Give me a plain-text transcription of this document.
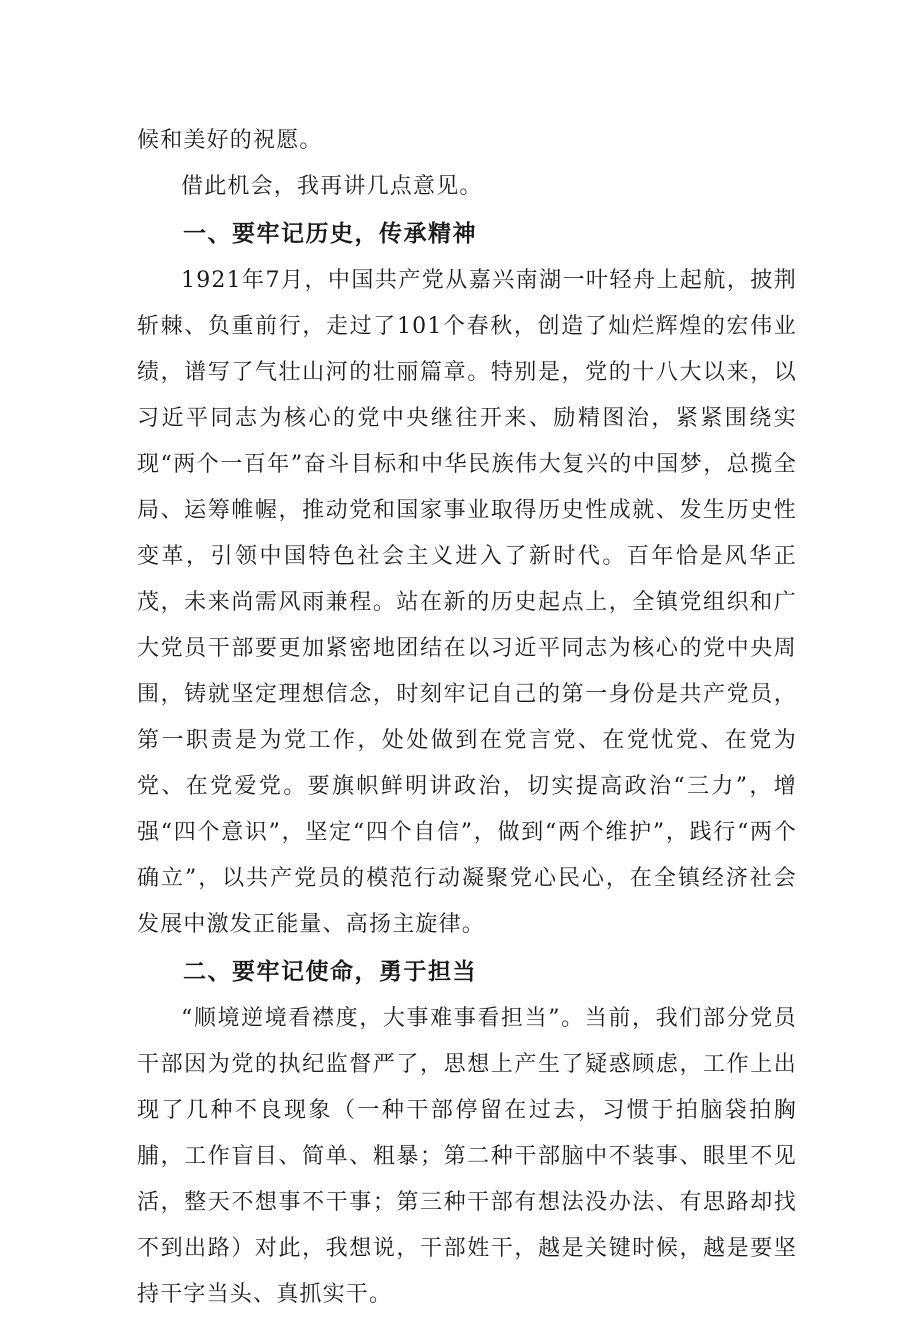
候和美好的祝愿。

借此机会，我再讲几点意见。

一、要牢记历史，传承精神

1921年7月，中国共产党从嘉兴南湖一叶轻舟上起航，披荆斩棘、负重前行，走过了101个春秋，创造了灿烂辉煌的宏伟业绩，谱写了气壮山河的壮丽篇章。特别是，党的十八大以来，以习近平同志为核心的党中央继往开来、励精图治，紧紧围绕实现“两个一百年”奋斗目标和中华民族伟大复兴的中国梦，总揽全局、运筹帷幄，推动党和国家事业取得历史性成就、发生历史性变革，引领中国特色社会主义进入了新时代。百年恰是风华正茂，未来尚需风雨兼程。站在新的历史起点上，全镇党组织和广大党员干部要更加紧密地团结在以习近平同志为核心的党中央周围，铸就坚定理想信念，时刻牢记自己的第一身份是共产党员，第一职责是为党工作，处处做到在党言党、在党忧党、在党为党、在党爱党。要旗帜鲜明讲政治，切实提高政治“三力”，增强“四个意识”，坚定“四个自信”，做到“两个维护”，践行“两个确立”，以共产党员的模范行动凝聚党心民心，在全镇经济社会发展中激发正能量、高扬主旋律。

二、要牢记使命，勇于担当

“顺境逆境看襟度，大事难事看担当”。当前，我们部分党员干部因为党的执纪监督严了，思想上产生了疑惑顾虑，工作上出现了几种不良现象（一种干部停留在过去，习惯于拍脑袋拍胸脯，工作盲目、简单、粗暴；第二种干部脑中不装事、眼里不见活，整天不想事不干事；第三种干部有想法没办法、有思路却找不到出路）对此，我想说，干部姓干，越是关键时候，越是要坚持干字当头、真抓实干。
